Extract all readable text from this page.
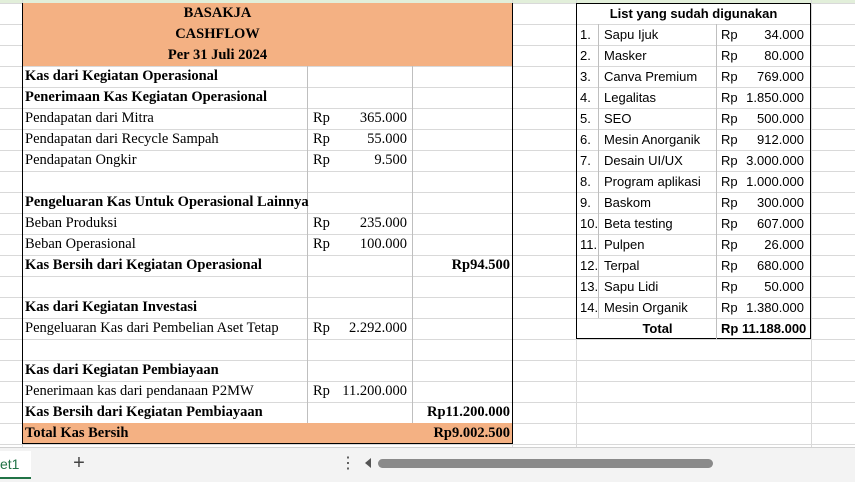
BASAKJA
CASHFLOW
Per 31 Juli 2024
Kas dari Kegiatan Operasional
Penerimaan Kas Kegiatan Operasional
Pendapatan dari Mitra	Rp	365.000
Pendapatan dari Recycle Sampah	Rp	55.000
Pendapatan Ongkir	Rp	9.500
Pengeluaran Kas Untuk Operasional Lainnya
Beban Produksi	Rp	235.000
Beban Operasional	Rp	100.000
Kas Bersih dari Kegiatan Operasional	Rp94.500
Kas dari Kegiatan Investasi
Pengeluaran Kas dari Pembelian Aset Tetap Rp	2.292.000
Kas dari Kegiatan Pembiayaan
Penerimaan kas dari pendanaan P2MW	Rp 11.200.000
Kas Bersih dari Kegiatan Pembiayaan	Rp11.200.000
Total Kas Bersih	Rp9.002.500
List yang sudah digunakan
1. Sapu Ijuk	Rp	34.000
2. Masker	Rp	80.000
3. Canva Premium Rp	769.000
4. Legalitas	Rp 1.850.000
5. SEO	Rp	500.000
6. Mesin Anorganik Rp	912.000
7. Desain UI/UX	Rp 3.000.000
8. Program aplikasi Rp 1.000.000
9. Baskom	Rp	300.000
10. Beta testing	Rp	607.000
11. Pulpen	Rp	26.000
12. Terpal	Rp	680.000
13. Sapu Lidi	Rp	50.000
14. Mesin Organik	Rp 1.380.000
Total	Rp 11.188.000
et1	+	⋮
